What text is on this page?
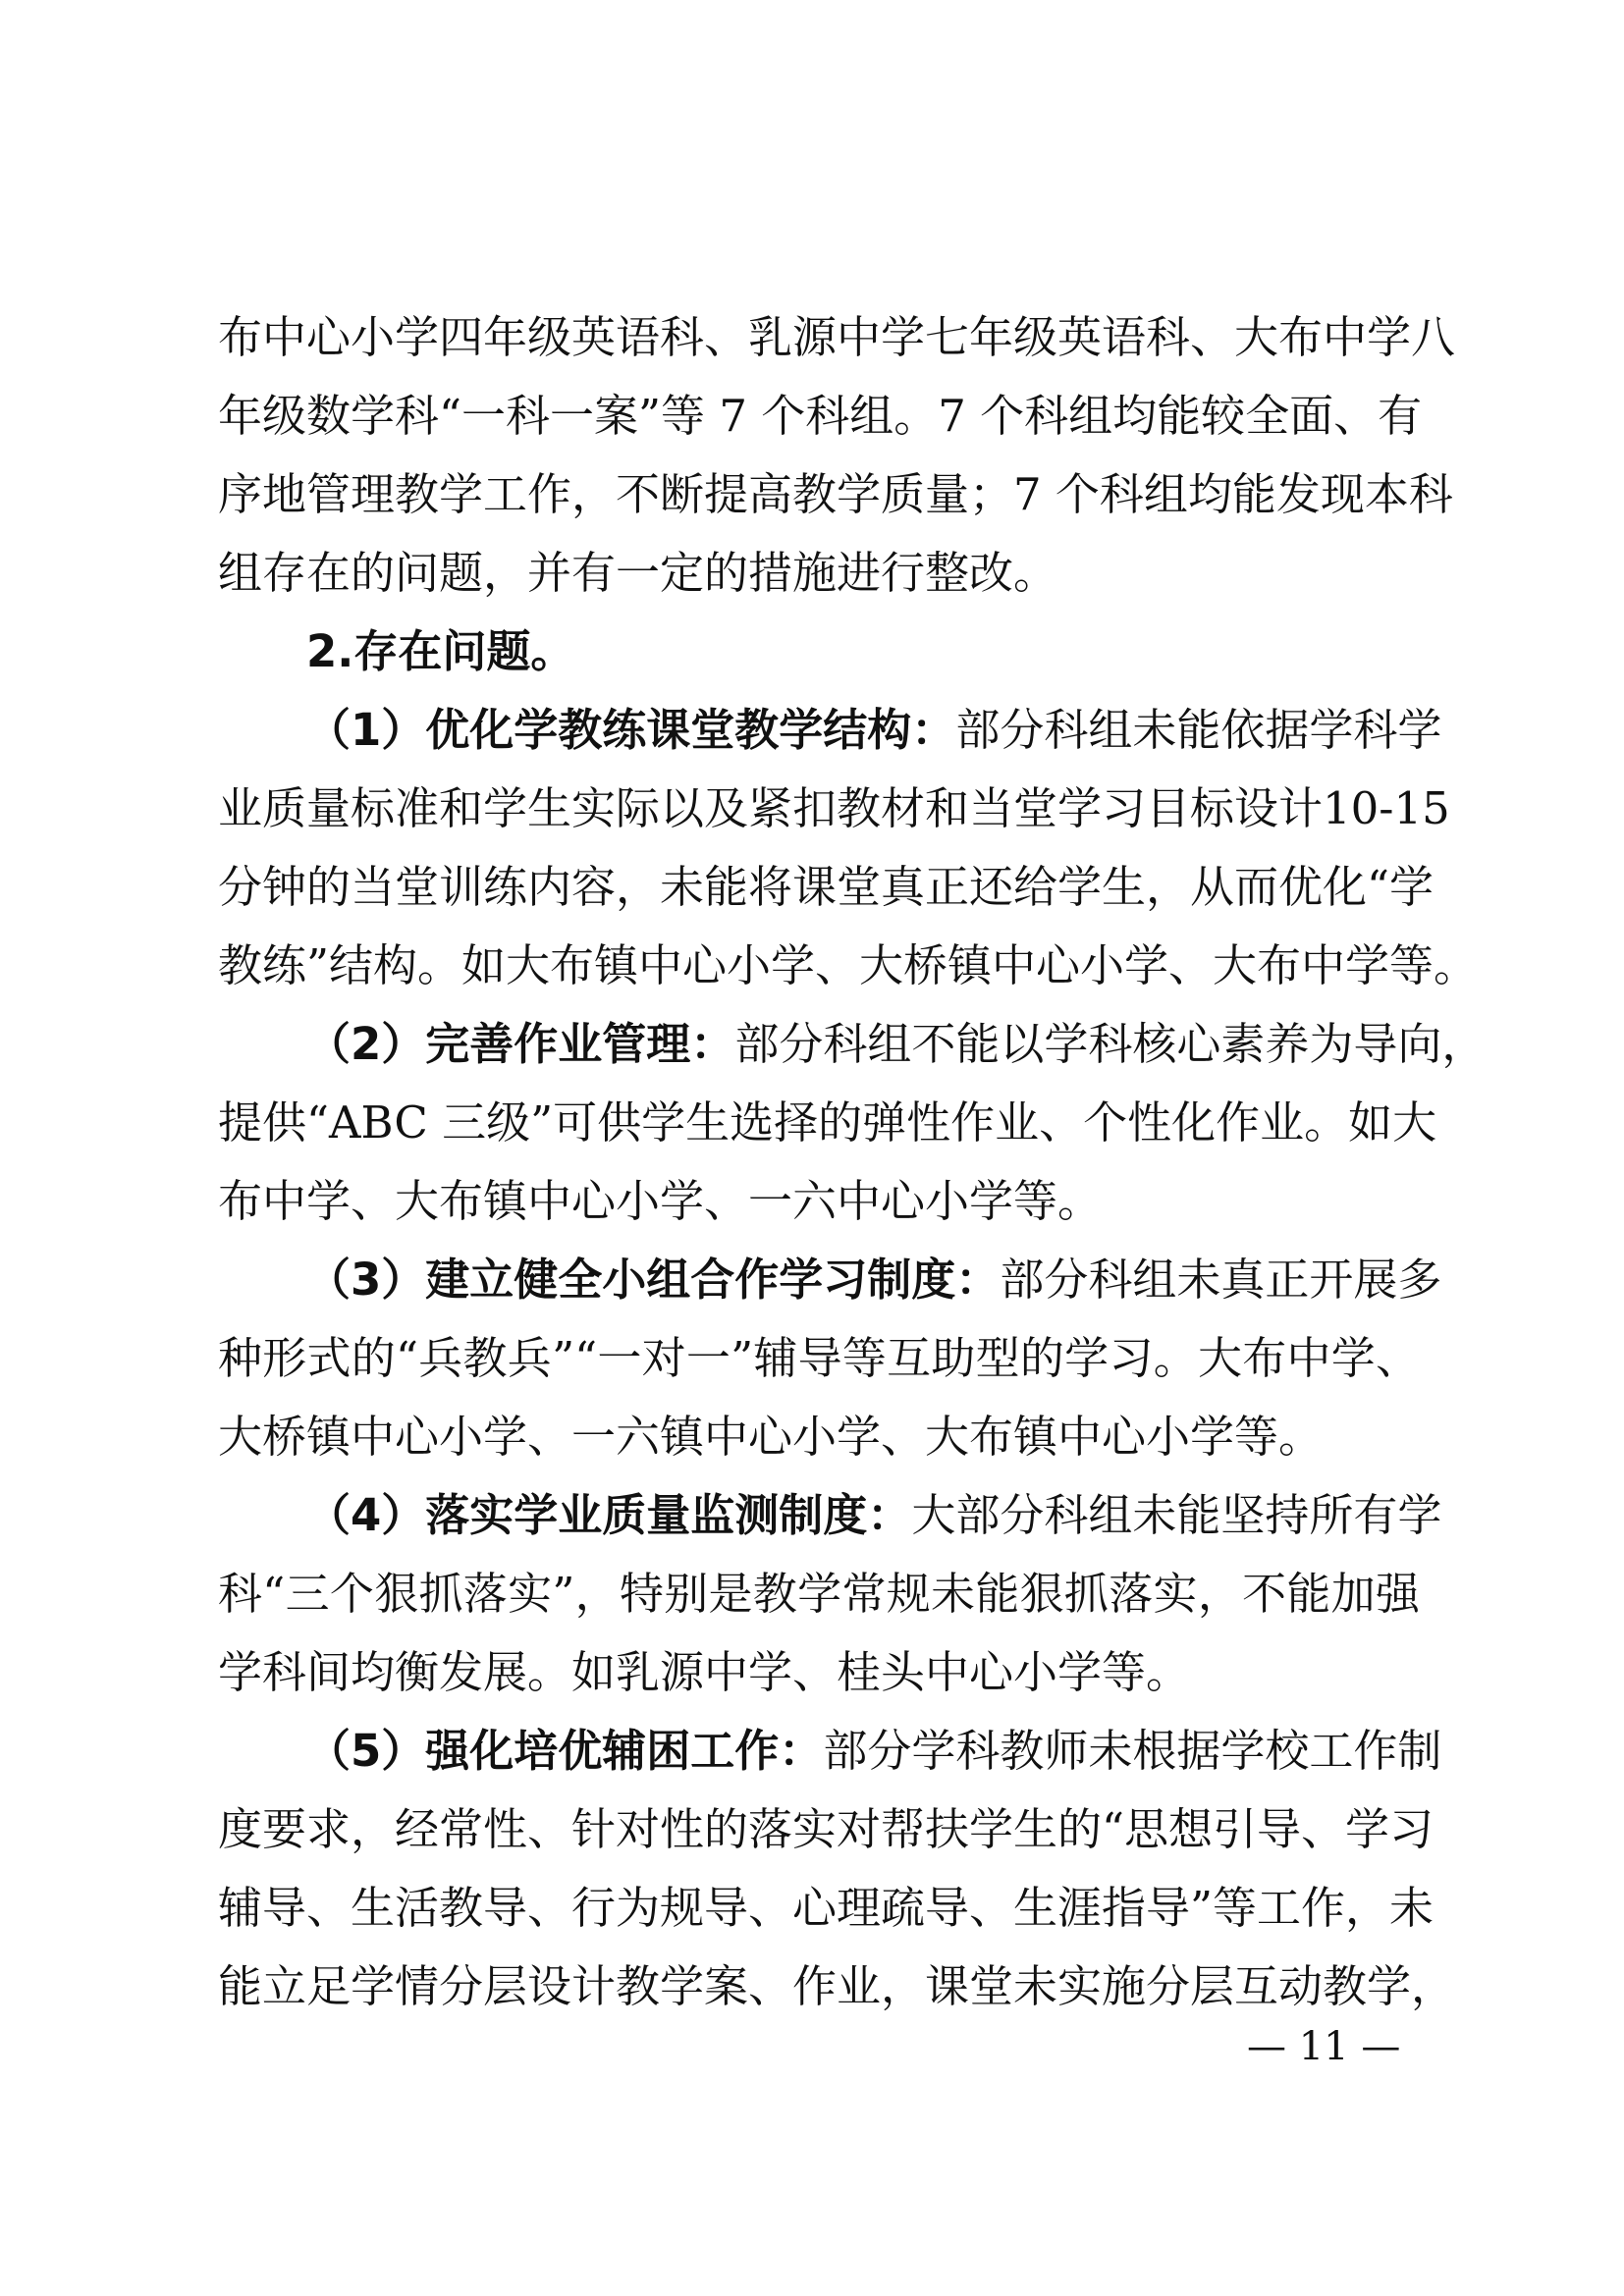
布中心小学四年级英语科、乳源中学七年级英语科、大布中学八
年级数学科“一科一案”等 7 个科组。7 个科组均能较全面、有
序地管理教学工作，不断提高教学质量；7 个科组均能发现本科
组存在的问题，并有一定的措施进行整改。
2.存在问题。
（1）优化学教练课堂教学结构：部分科组未能依据学科学
业质量标准和学生实际以及紧扣教材和当堂学习目标设计10-15
分钟的当堂训练内容，未能将课堂真正还给学生，从而优化“学
教练”结构。如大布镇中心小学、大桥镇中心小学、大布中学等。
（2）完善作业管理：部分科组不能以学科核心素养为导向，
提供“ABC 三级”可供学生选择的弹性作业、个性化作业。如大
布中学、大布镇中心小学、一六中心小学等。
（3）建立健全小组合作学习制度：部分科组未真正开展多
种形式的“兵教兵”“一对一”辅导等互助型的学习。大布中学、
大桥镇中心小学、一六镇中心小学、大布镇中心小学等。
（4）落实学业质量监测制度：大部分科组未能坚持所有学
科“三个狠抓落实”，特别是教学常规未能狠抓落实，不能加强
学科间均衡发展。如乳源中学、桂头中心小学等。
（5）强化培优辅困工作：部分学科教师未根据学校工作制
度要求，经常性、针对性的落实对帮扶学生的“思想引导、学习
辅导、生活教导、行为规导、心理疏导、生涯指导”等工作，未
能立足学情分层设计教学案、作业，课堂未实施分层互动教学，
— 11 —
